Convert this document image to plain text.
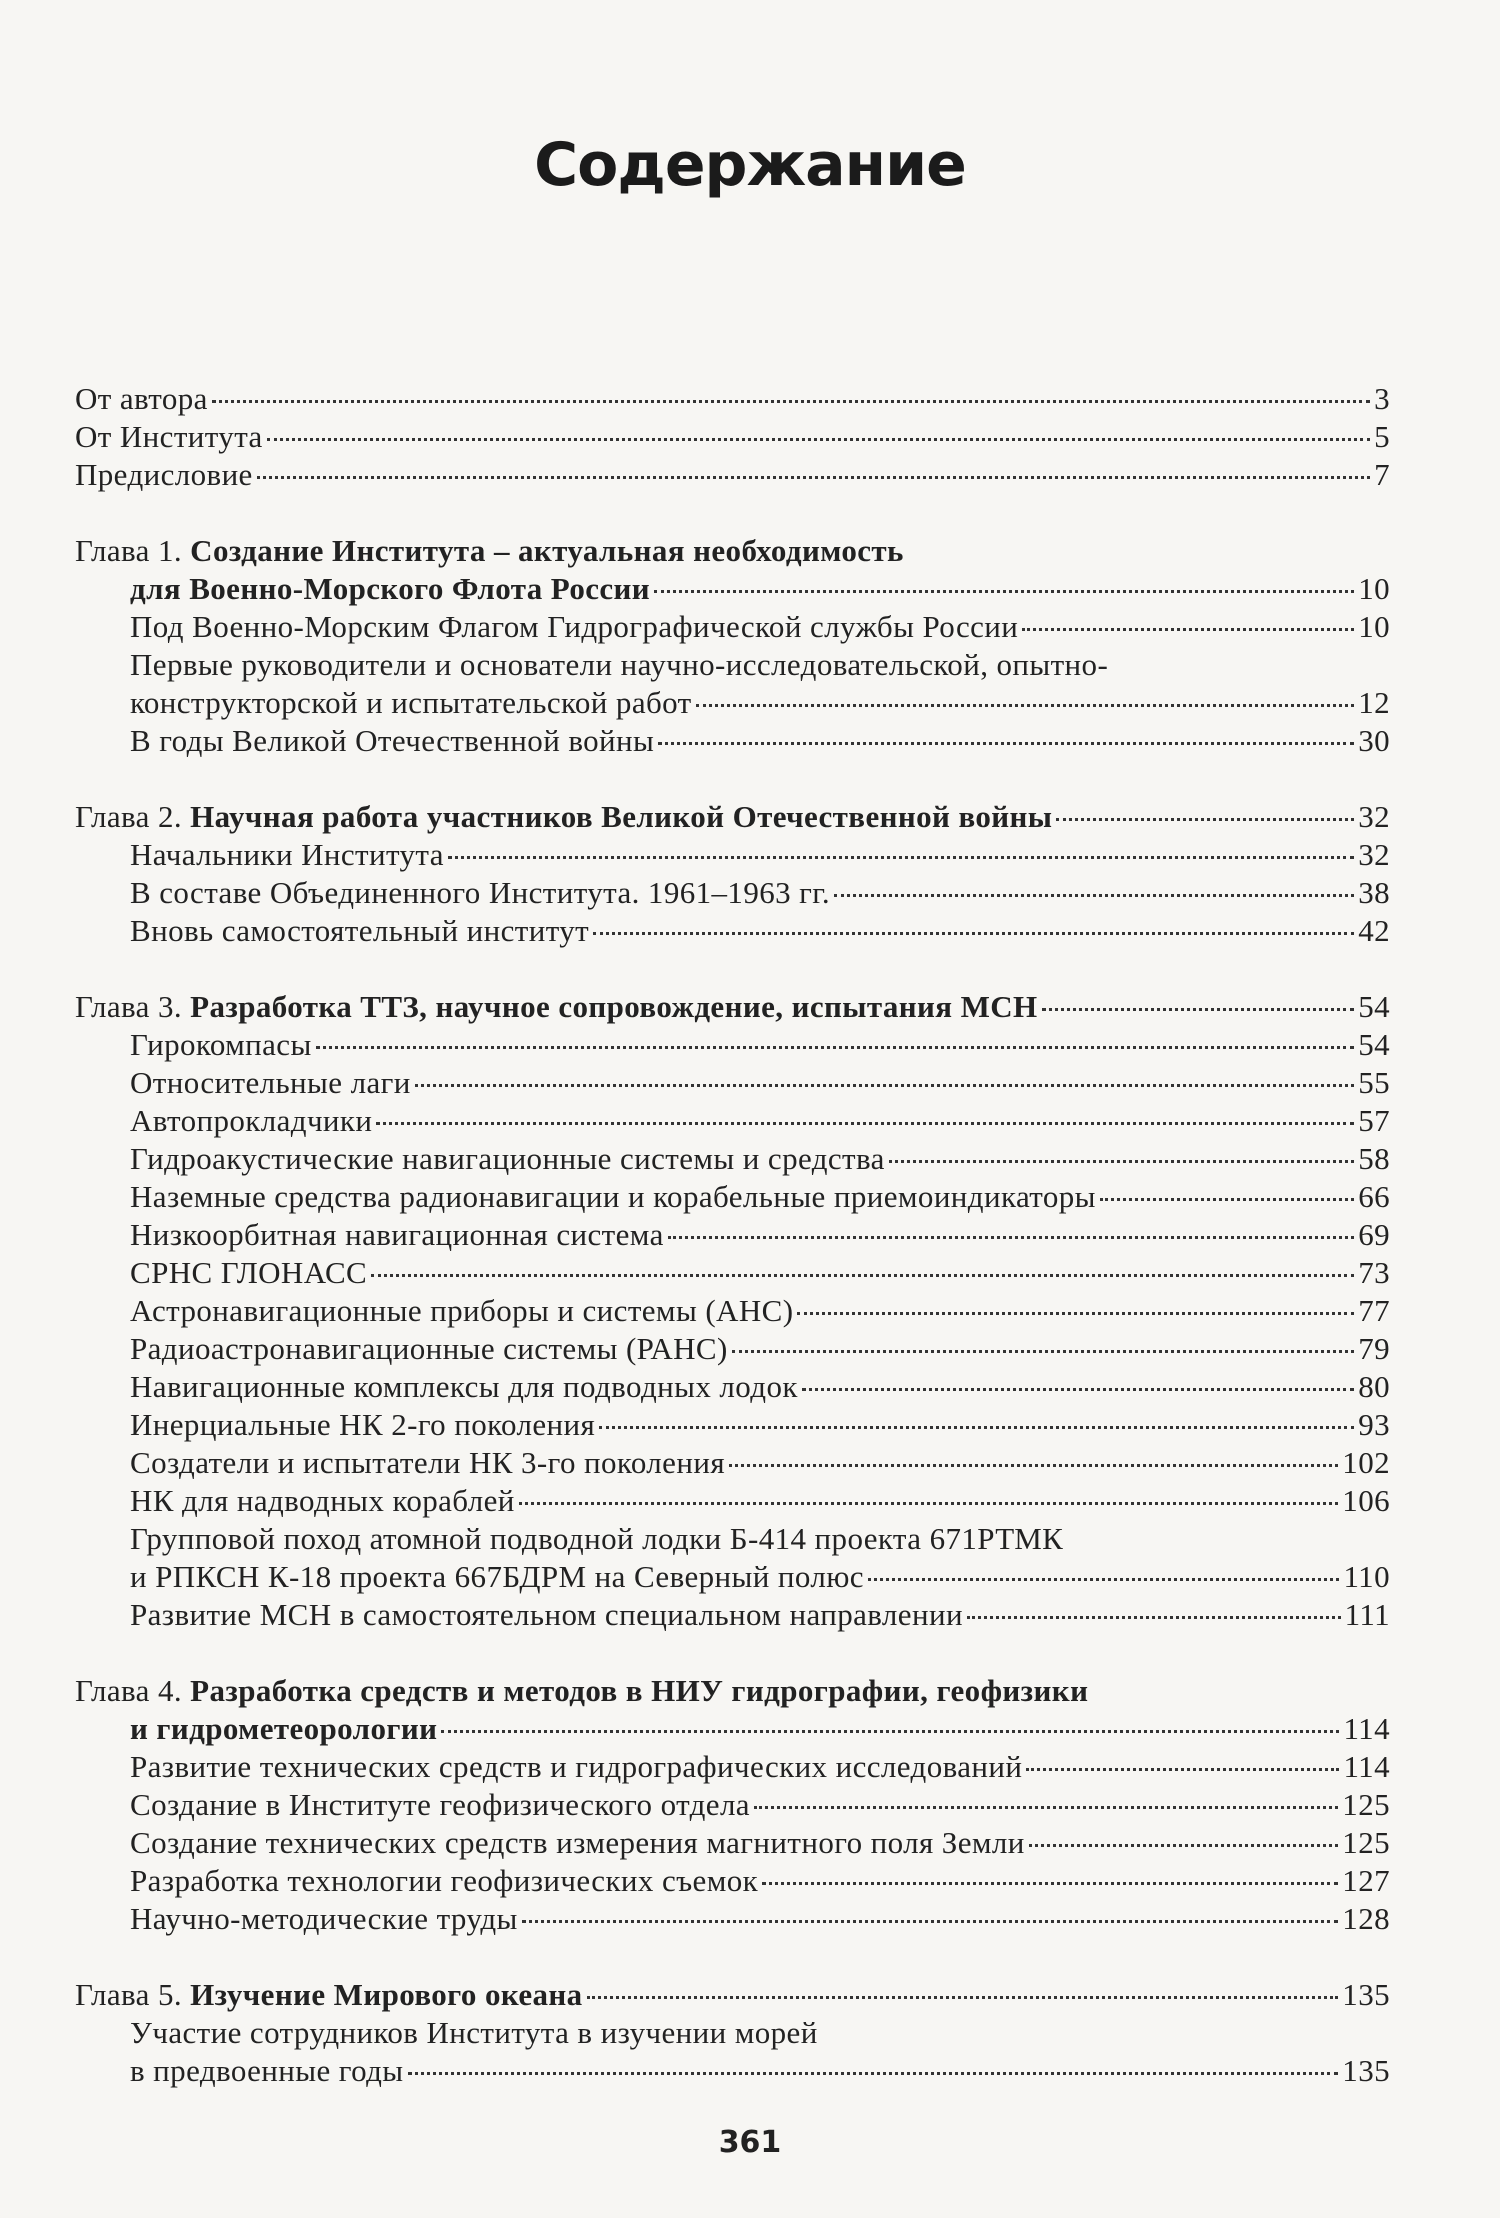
Содержание
От автора	3
От Института	5
Предисловие	7
Глава 1. Создание Института – актуальная необходимость
для Военно-Морского Флота России	10
Под Военно-Морским Флагом Гидрографической службы России	10
Первые руководители и основатели научно-исследовательской, опытно-
конструкторской и испытательской работ	12
В годы Великой Отечественной войны	30
Глава 2. Научная работа участников Великой Отечественной войны	32
Начальники Института	32
В составе Объединенного Института. 1961–1963 гг.	38
Вновь самостоятельный институт	42
Глава 3. Разработка ТТЗ, научное сопровождение, испытания МСН	54
Гирокомпасы	54
Относительные лаги	55
Автопрокладчики	57
Гидроакустические навигационные системы и средства	58
Наземные средства радионавигации и корабельные приемоиндикаторы	66
Низкоорбитная навигационная система	69
СРНС ГЛОНАСС	73
Астронавигационные приборы и системы (АНС)	77
Радиоастронавигационные системы (РАНС)	79
Навигационные комплексы для подводных лодок	80
Инерциальные НК 2-го поколения	93
Создатели и испытатели НК 3-го поколения	102
НК для надводных кораблей	106
Групповой поход атомной подводной лодки Б-414 проекта 671РТМК
и РПКСН К-18 проекта 667БДРМ на Северный полюс	110
Развитие МСН в самостоятельном специальном направлении	111
Глава 4. Разработка средств и методов в НИУ гидрографии, геофизики
и гидрометеорологии	114
Развитие технических средств и гидрографических исследований	114
Создание в Институте геофизического отдела	125
Создание технических средств измерения магнитного поля Земли	125
Разработка технологии геофизических съемок	127
Научно-методические труды	128
Глава 5. Изучение Мирового океана	135
Участие сотрудников Института в изучении морей
в предвоенные годы	135
361
